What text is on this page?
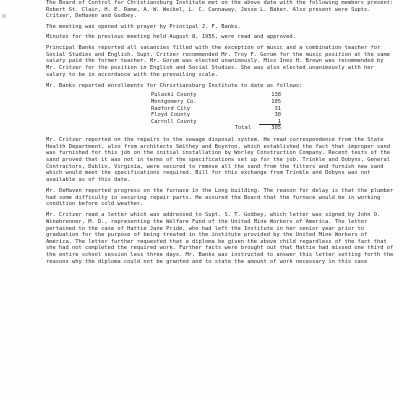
The Board of Control for Christiansburg Institute met on the above date with the following members present: Robert St. Clair, H. E. Rame, A. W. Weikel, L. C. Cannaway, Jesse L. Baker. Also present were Supts. Critzer, DeHaven and Godbey.

The meeting was opened with prayer by Principal J. F. Banks.

Minutes for the previous meeting held August 8, 1955, were read and approved.

Principal Banks reported all vacancies filled with the exception of music and a combination teacher for Social Studies and English. Supt. Critzer recommended Mr. Troy F. Gorum for the music position at the same salary paid the former teacher. Mr. Gorum was elected unanimously. Miss Inez H. Brown was recommended by Mr. Critzer for the position in English and Social Studies. She was also elected unanimously with her salary to be in accordance with the prevailing scale.

Mr. Banks reported enrollments for Christiansburg Institute to date as follows:

Pulaski County	138
Montgomery Co.	105
Radford City	31
Floyd County	30
Carroll County	1
Total	305

Mr. Critzer reported on the repairs to the sewage disposal system. He read correspondence from the State Health Department, also from architects Smithey and Boynton, which established the fact that improper sand was furnished for this job on the initial installation by Worley Construction Company. Recent tests of the sand proved that it was not in terms of the specifications set up for the job. Trinkle and Dobyns, General Contractors, Dublin, Virginia, were secured to remove all the sand from the filters and furnish new sand which would meet the specifications required. Bill for this exchange from Trinkle and Dobyns was not available as of this date.

Mr. DeHaven reported progress on the furnace in the Long building. The reason for delay is that the plumber had some difficulty in securing repair parts. He assured the Board that the furnace would be in working condition before cold weather.

Mr. Critzer read a letter which was addressed to Supt. S. T. Godbey, which letter was signed by John O. Winebrenner, M. D., representing the Welfare Fund of the United Mine Workers of America. The letter pertained to the case of Hattie Jane Pride, who had left the Institute in her senior year prior to graduation for the purpose of being treated in the institute provided by the United Mine Workers of America. The letter further requested that a diploma be given the above child regardless of the fact that she had not completed the required work. Further facts were brought out that Hattie had missed one third of the entire school session less three days. Mr. Banks was instructed to answer this letter setting forth the reasons why the diploma could not be granted and to state the amount of work necessary in this case
